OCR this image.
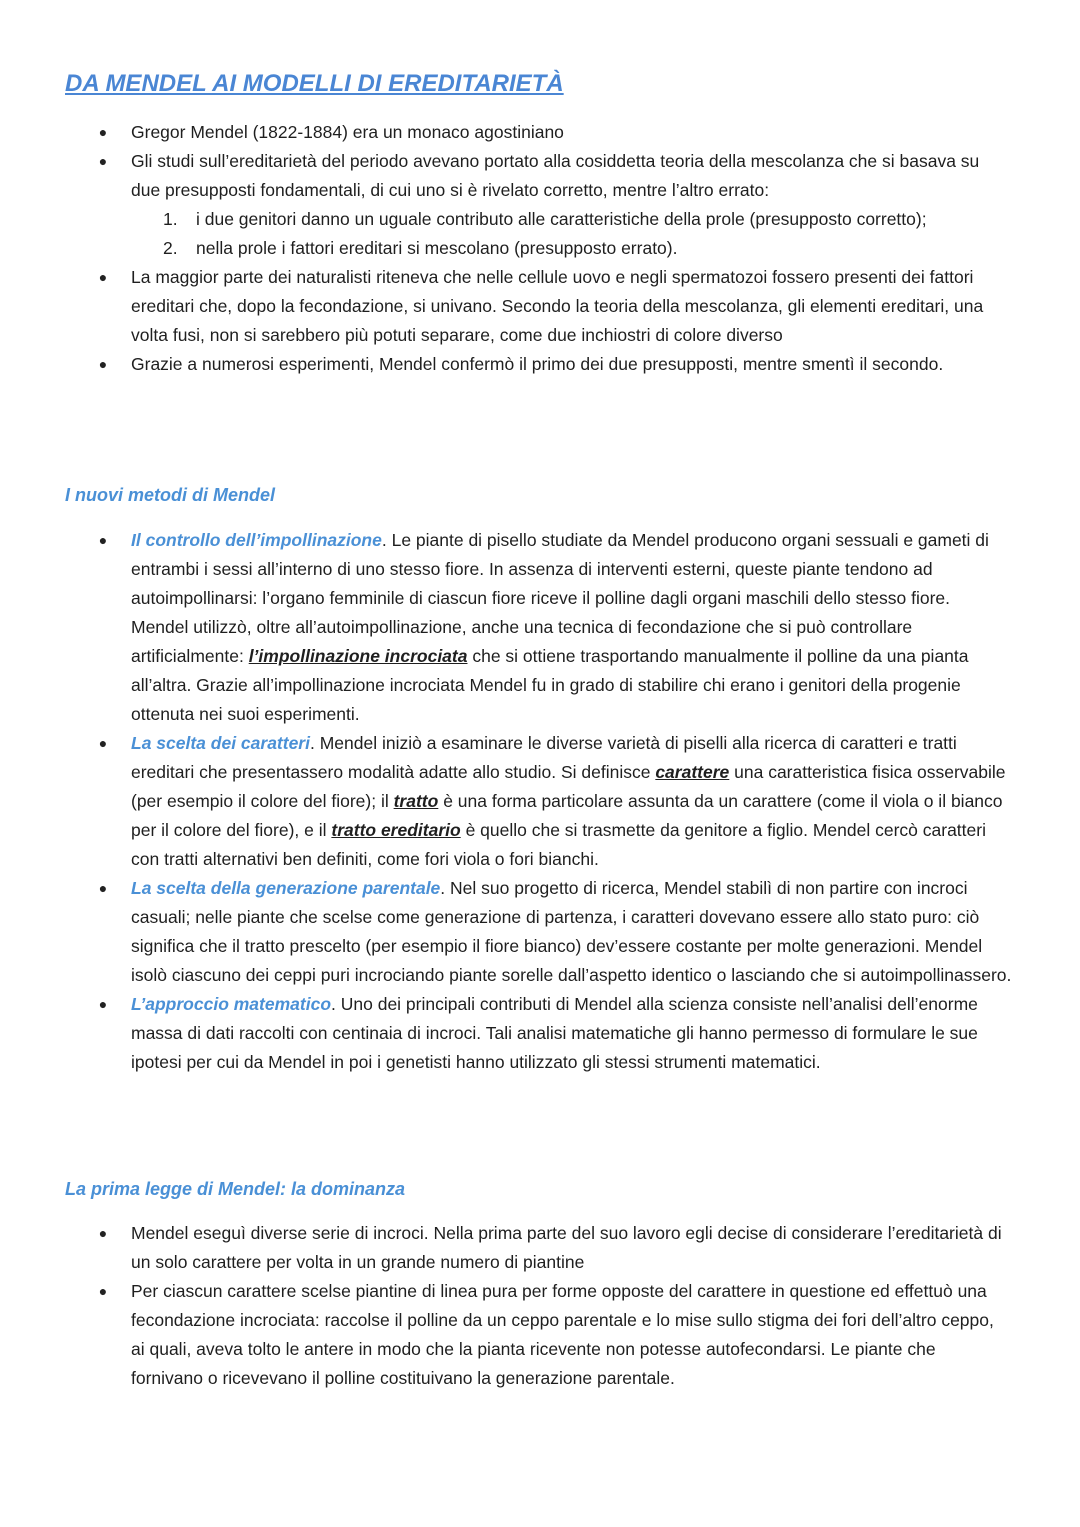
DA MENDEL AI MODELLI DI EREDITARIETÀ
● Gregor Mendel (1822-1884) era un monaco agostiniano
● Gli studi sull’ereditarietà del periodo avevano portato alla cosiddetta teoria della mescolanza che si basava su due presupposti fondamentali, di cui uno si è rivelato corretto, mentre l’altro errato:
1. i due genitori danno un uguale contributo alle caratteristiche della prole (presupposto corretto);
2. nella prole i fattori ereditari si mescolano (presupposto errato).
● La maggior parte dei naturalisti riteneva che nelle cellule uovo e negli spermatozoi fossero presenti dei fattori ereditari che, dopo la fecondazione, si univano. Secondo la teoria della mescolanza, gli elementi ereditari, una volta fusi, non si sarebbero più potuti separare, come due inchiostri di colore diverso
● Grazie a numerosi esperimenti, Mendel confermò il primo dei due presupposti, mentre smentì il secondo.
I nuovi metodi di Mendel
● Il controllo dell’impollinazione. Le piante di pisello studiate da Mendel producono organi sessuali e gameti di entrambi i sessi all’interno di uno stesso fiore. In assenza di interventi esterni, queste piante tendono ad autoimpollinarsi: l’organo femminile di ciascun fiore riceve il polline dagli organi maschili dello stesso fiore. Mendel utilizzò, oltre all’autoimpollinazione, anche una tecnica di fecondazione che si può controllare artificialmente: l’impollinazione incrociata che si ottiene trasportando manualmente il polline da una pianta all’altra. Grazie all’impollinazione incrociata Mendel fu in grado di stabilire chi erano i genitori della progenie ottenuta nei suoi esperimenti.
● La scelta dei caratteri. Mendel iniziò a esaminare le diverse varietà di piselli alla ricerca di caratteri e tratti ereditari che presentassero modalità adatte allo studio. Si definisce carattere una caratteristica fisica osservabile (per esempio il colore del fiore); il tratto è una forma particolare assunta da un carattere (come il viola o il bianco per il colore del fiore), e il tratto ereditario è quello che si trasmette da genitore a figlio. Mendel cercò caratteri con tratti alternativi ben definiti, come fori viola o fori bianchi.
● La scelta della generazione parentale. Nel suo progetto di ricerca, Mendel stabilì di non partire con incroci casuali; nelle piante che scelse come generazione di partenza, i caratteri dovevano essere allo stato puro: ciò significa che il tratto prescelto (per esempio il fiore bianco) dev’essere costante per molte generazioni. Mendel isolò ciascuno dei ceppi puri incrociando piante sorelle dall’aspetto identico o lasciando che si autoimpollinassero.
● L’approccio matematico. Uno dei principali contributi di Mendel alla scienza consiste nell’analisi dell’enorme massa di dati raccolti con centinaia di incroci. Tali analisi matematiche gli hanno permesso di formulare le sue ipotesi per cui da Mendel in poi i genetisti hanno utilizzato gli stessi strumenti matematici.
La prima legge di Mendel: la dominanza
● Mendel eseguì diverse serie di incroci. Nella prima parte del suo lavoro egli decise di considerare l’ereditarietà di un solo carattere per volta in un grande numero di piantine
● Per ciascun carattere scelse piantine di linea pura per forme opposte del carattere in questione ed effettuò una fecondazione incrociata: raccolse il polline da un ceppo parentale e lo mise sullo stigma dei fori dell’altro ceppo, ai quali, aveva tolto le antere in modo che la pianta ricevente non potesse autofecondarsi. Le piante che fornivano o ricevevano il polline costituivano la generazione parentale.
